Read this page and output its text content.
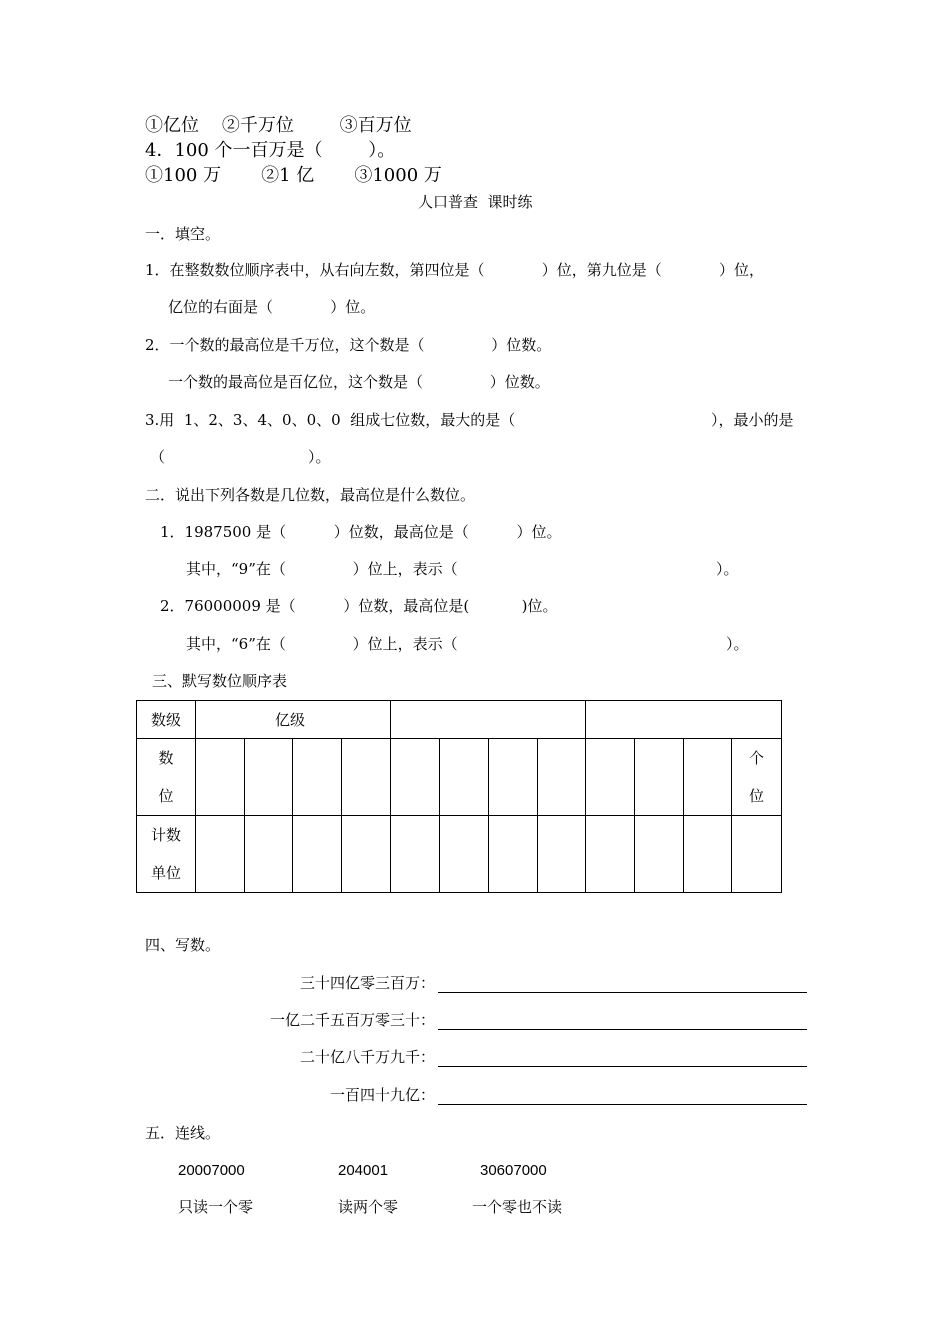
①亿位    ②千万位        ③百万位
4．100 个一百万是（        ）。
①100 万       ②1 亿       ③1000 万
人口普查  课时练
一．填空。
1．在整数数位顺序表中，从右向左数，第四位是（            ）位，第九位是（            ）位，
亿位的右面是（            ）位。
2．一个数的最高位是千万位，这个数是（              ）位数。
一个数的最高位是百亿位，这个数是（              ）位数。
3.用  1、2、3、4、0、0、0  组成七位数，最大的是（	），最小的是
（                              ）。
二．说出下列各数是几位数，最高位是什么数位。
1．1987500 是（          ）位数，最高位是（          ）位。
其中，“9”在（              ）位上，表示（	）。
2．76000009 是（          ）位数，最高位是(           )位。
其中，“6”在（              ）位上，表示（	）。
三、默写数位顺序表
数级	亿级											
数
位												个
位
计数
单位												
四、写数。
三十四亿零三百万：
一亿二千五百万零三十：
二十亿八千万九千：
一百四十九亿：
五．连线。
20007000	204001	30607000
只读一个零	读两个零	一个零也不读
